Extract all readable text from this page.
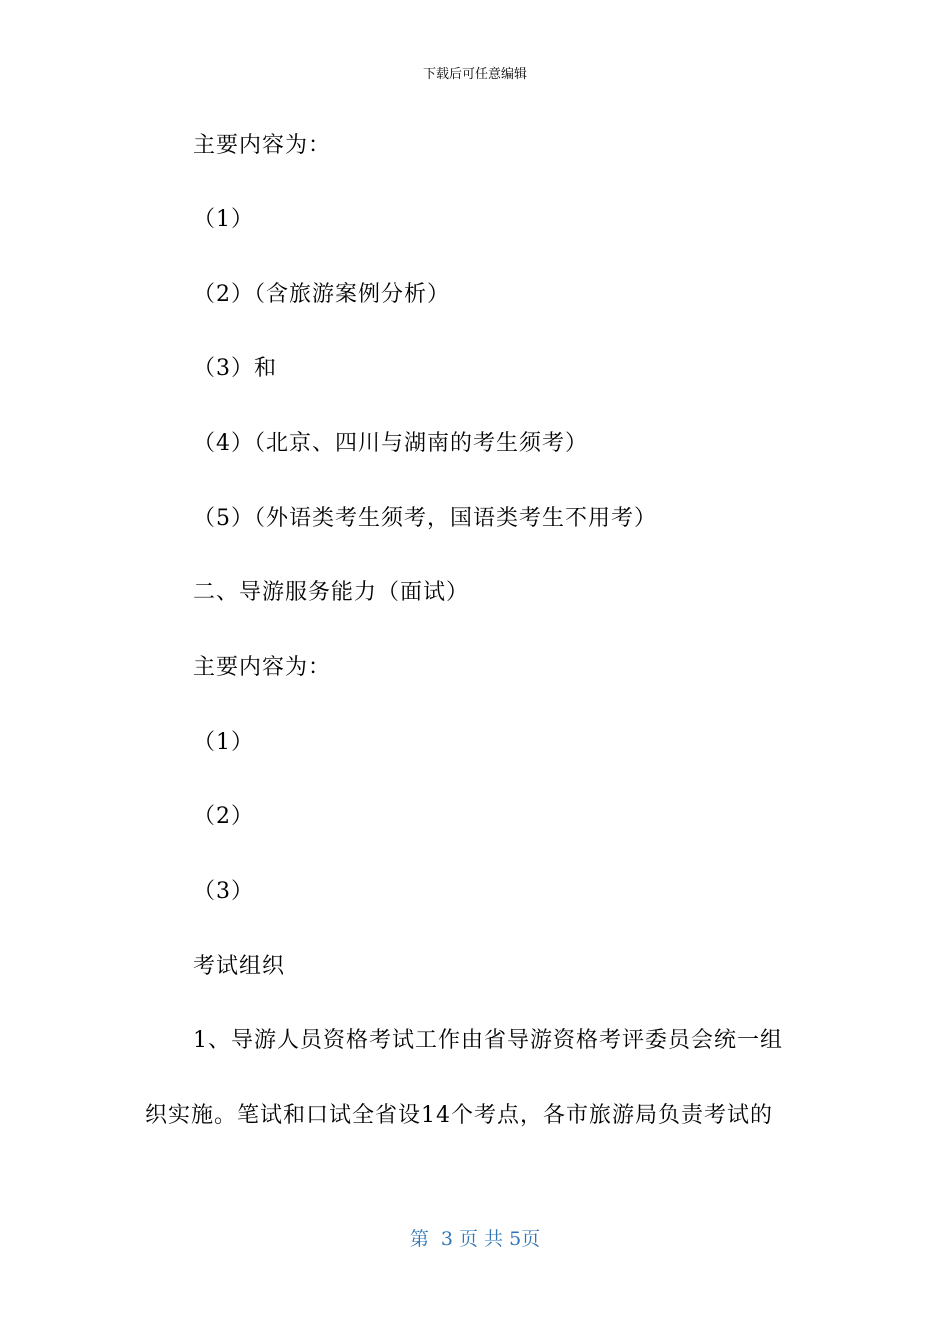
下载后可任意编辑
主要内容为：
（1）
（2）（含旅游案例分析）
（3）和
（4）（北京、四川与湖南的考生须考）
（5）（外语类考生须考，国语类考生不用考）
二、导游服务能力（面试）
主要内容为：
（1）
（2）
（3）
考试组织
1、导游人员资格考试工作由省导游资格考评委员会统一组
织实施。笔试和口试全省设14个考点，各市旅游局负责考试的
第  3 页 共 5页
